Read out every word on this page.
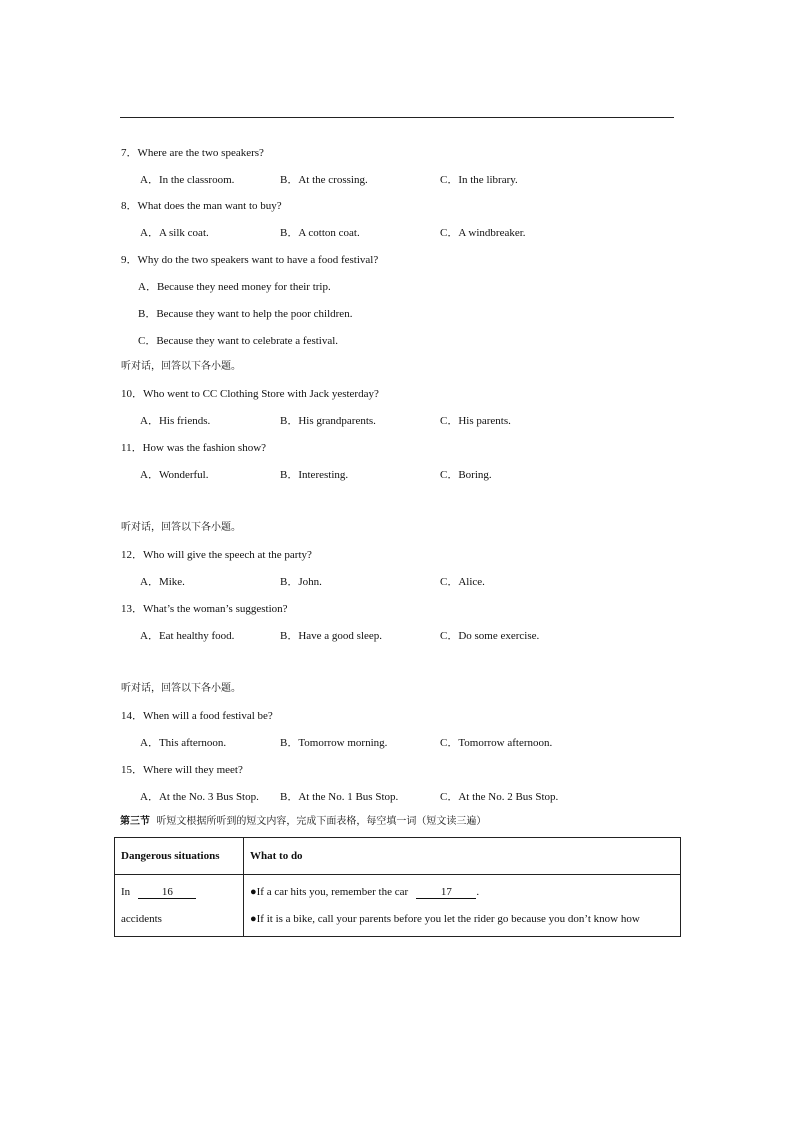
7．Where are the two speakers?
A．In the classroom.	B．At the crossing.	C．In the library.
8．What does the man want to buy?
A．A silk coat.	B．A cotton coat.	C．A windbreaker.
9．Why do the two speakers want to have a food festival?
A．Because they need money for their trip.
B．Because they want to help the poor children.
C．Because they want to celebrate a festival.
听对话，回答以下各小题。
10．Who went to CC Clothing Store with Jack yesterday?
A．His friends.	B．His grandparents.	C．His parents.
11．How was the fashion show?
A．Wonderful.	B．Interesting.	C．Boring.
听对话，回答以下各小题。
12．Who will give the speech at the party?
A．Mike.	B．John.	C．Alice.
13．What’s the woman’s suggestion?
A．Eat healthy food.	B．Have a good sleep.	C．Do some exercise.
听对话，回答以下各小题。
14．When will a food festival be?
A．This afternoon.	B．Tomorrow morning.	C．Tomorrow afternoon.
15．Where will they meet?
A．At the No. 3 Bus Stop. B．At the No. 1 Bus Stop.	C．At the No. 2 Bus Stop.
第三节 听短文根据所听到的短文内容，完成下面表格，每空填一词（短文读三遍）
Dangerous situations	What to do

In 16
accidents	●If a car hits you, remember the car 17 .
●If it is a bike, call your parents before you let the rider go because you don’t know how
